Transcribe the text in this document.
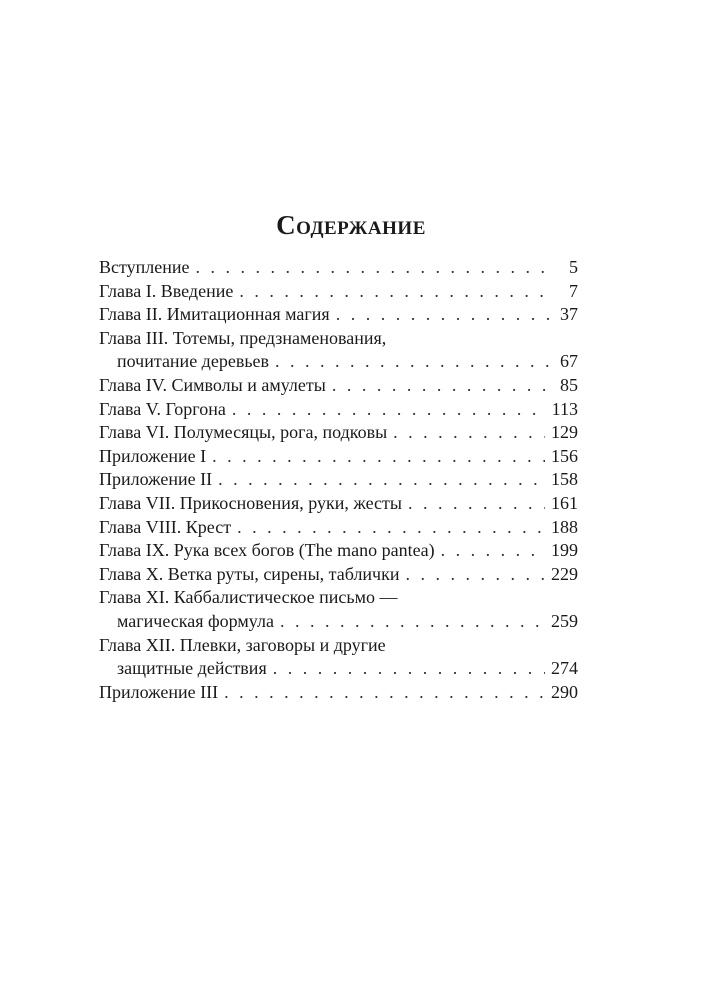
Содержание
Вступление . . .	5
Глава I. Введение . . .	7
Глава II. Имитационная магия . . .	37
Глава III. Тотемы, предзнаменования,
почитание деревьев . . .	67
Глава IV. Символы и амулеты . . .	85
Глава V. Горгона . . .	113
Глава VI. Полумесяцы, рога, подковы . . .	129
Приложение I . . .	156
Приложение II . . .	158
Глава VII. Прикосновения, руки, жесты . . .	161
Глава VIII. Крест . . .	188
Глава IX. Рука всех богов (The mano pantea) . . .	199
Глава X. Ветка руты, сирены, таблички . . .	229
Глава XI. Каббалистическое письмо —
магическая формула . . .	259
Глава XII. Плевки, заговоры и другие
защитные действия . . .	274
Приложение III . . .	290
